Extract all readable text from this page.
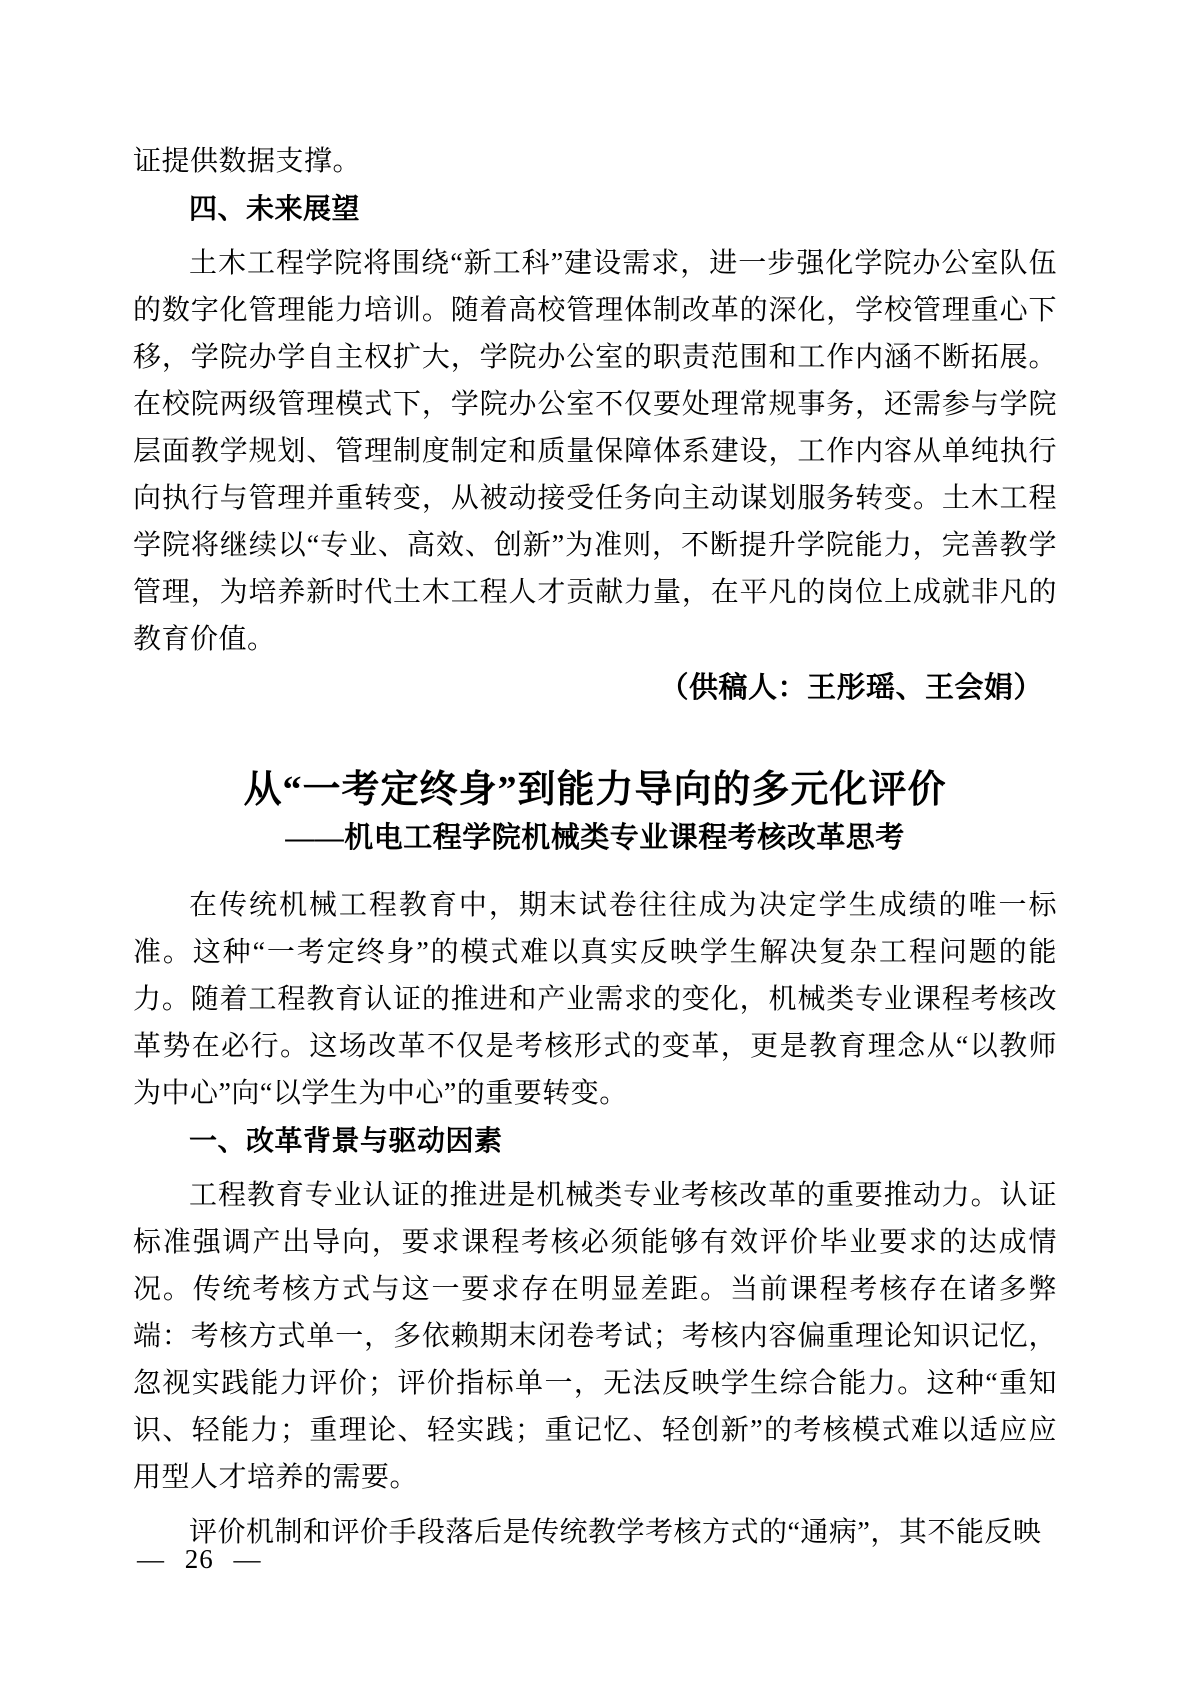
证提供数据支撑。

四、未来展望

土木工程学院将围绕“新工科”建设需求，进一步强化学院办公室队伍的数字化管理能力培训。随着高校管理体制改革的深化，学校管理重心下移，学院办学自主权扩大，学院办公室的职责范围和工作内涵不断拓展。在校院两级管理模式下，学院办公室不仅要处理常规事务，还需参与学院层面教学规划、管理制度制定和质量保障体系建设，工作内容从单纯执行向执行与管理并重转变，从被动接受任务向主动谋划服务转变。土木工程学院将继续以“专业、高效、创新”为准则，不断提升学院能力，完善教学管理，为培养新时代土木工程人才贡献力量，在平凡的岗位上成就非凡的教育价值。

（供稿人：王彤瑶、王会娟）

从“一考定终身”到能力导向的多元化评价
——机电工程学院机械类专业课程考核改革思考

在传统机械工程教育中，期末试卷往往成为决定学生成绩的唯一标准。这种“一考定终身”的模式难以真实反映学生解决复杂工程问题的能力。随着工程教育认证的推进和产业需求的变化，机械类专业课程考核改革势在必行。这场改革不仅是考核形式的变革，更是教育理念从“以教师为中心”向“以学生为中心”的重要转变。

一、改革背景与驱动因素

工程教育专业认证的推进是机械类专业考核改革的重要推动力。认证标准强调产出导向，要求课程考核必须能够有效评价毕业要求的达成情况。传统考核方式与这一要求存在明显差距。当前课程考核存在诸多弊端：考核方式单一，多依赖期末闭卷考试；考核内容偏重理论知识记忆，忽视实践能力评价；评价指标单一，无法反映学生综合能力。这种“重知识、轻能力；重理论、轻实践；重记忆、轻创新”的考核模式难以适应应用型人才培养的需要。

评价机制和评价手段落后是传统教学考核方式的“通病”，其不能反映

— 26 —
